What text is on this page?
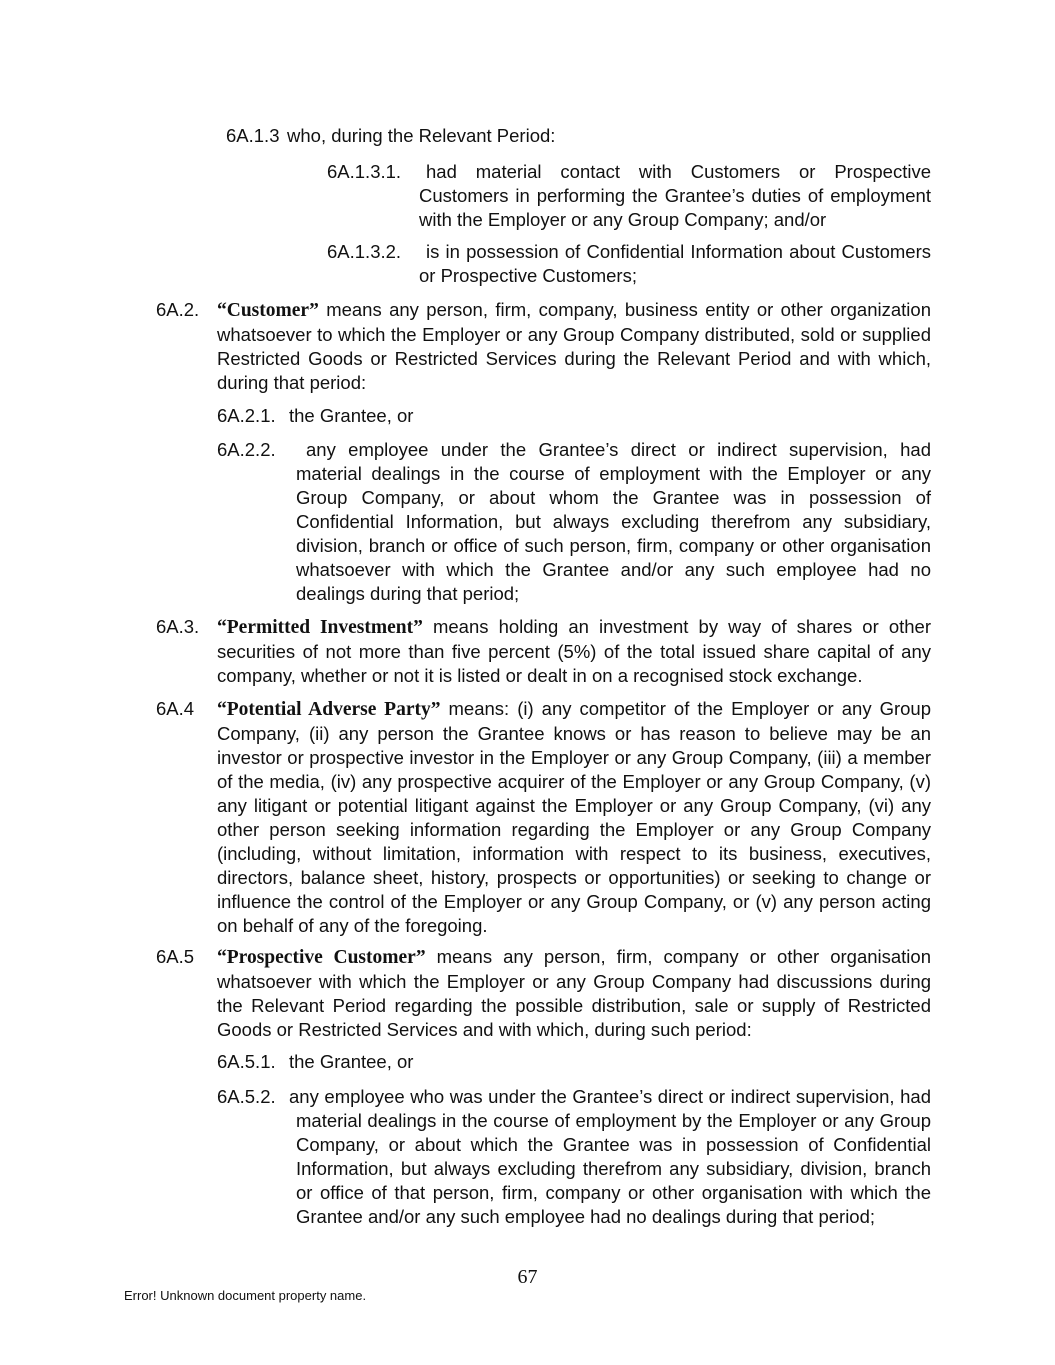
6A.1.3 who, during the Relevant Period:
6A.1.3.1.	had material contact with Customers or Prospective Customers in performing the Grantee’s duties of employment with the Employer or any Group Company; and/or
6A.1.3.2.	is in possession of Confidential Information about Customers or Prospective Customers;
6A.2. “Customer” means any person, firm, company, business entity or other organization whatsoever to which the Employer or any Group Company distributed, sold or supplied Restricted Goods or Restricted Services during the Relevant Period and with which, during that period:
6A.2.1. the Grantee, or
6A.2.2.	any employee under the Grantee’s direct or indirect supervision, had material dealings in the course of employment with the Employer or any Group Company, or about whom the Grantee was in possession of Confidential Information, but always excluding therefrom any subsidiary, division, branch or office of such person, firm, company or other organisation whatsoever with which the Grantee and/or any such employee had no dealings during that period;
6A.3. “Permitted Investment” means holding an investment by way of shares or other securities of not more than five percent (5%) of the total issued share capital of any company, whether or not it is listed or dealt in on a recognised stock exchange.
6A.4 “Potential Adverse Party” means: (i) any competitor of the Employer or any Group Company, (ii) any person the Grantee knows or has reason to believe may be an investor or prospective investor in the Employer or any Group Company, (iii) a member of the media, (iv) any prospective acquirer of the Employer or any Group Company, (v) any litigant or potential litigant against the Employer or any Group Company, (vi) any other person seeking information regarding the Employer or any Group Company (including, without limitation, information with respect to its business, executives, directors, balance sheet, history, prospects or opportunities) or seeking to change or influence the control of the Employer or any Group Company, or (v) any person acting on behalf of any of the foregoing.
6A.5 “Prospective Customer” means any person, firm, company or other organisation whatsoever with which the Employer or any Group Company had discussions during the Relevant Period regarding the possible distribution, sale or supply of Restricted Goods or Restricted Services and with which, during such period:
6A.5.1. the Grantee, or
6A.5.2. any employee who was under the Grantee’s direct or indirect supervision, had material dealings in the course of employment by the Employer or any Group Company, or about which the Grantee was in possession of Confidential Information, but always excluding therefrom any subsidiary, division, branch or office of that person, firm, company or other organisation with which the Grantee and/or any such employee had no dealings during that period;
67
Error! Unknown document property name.
